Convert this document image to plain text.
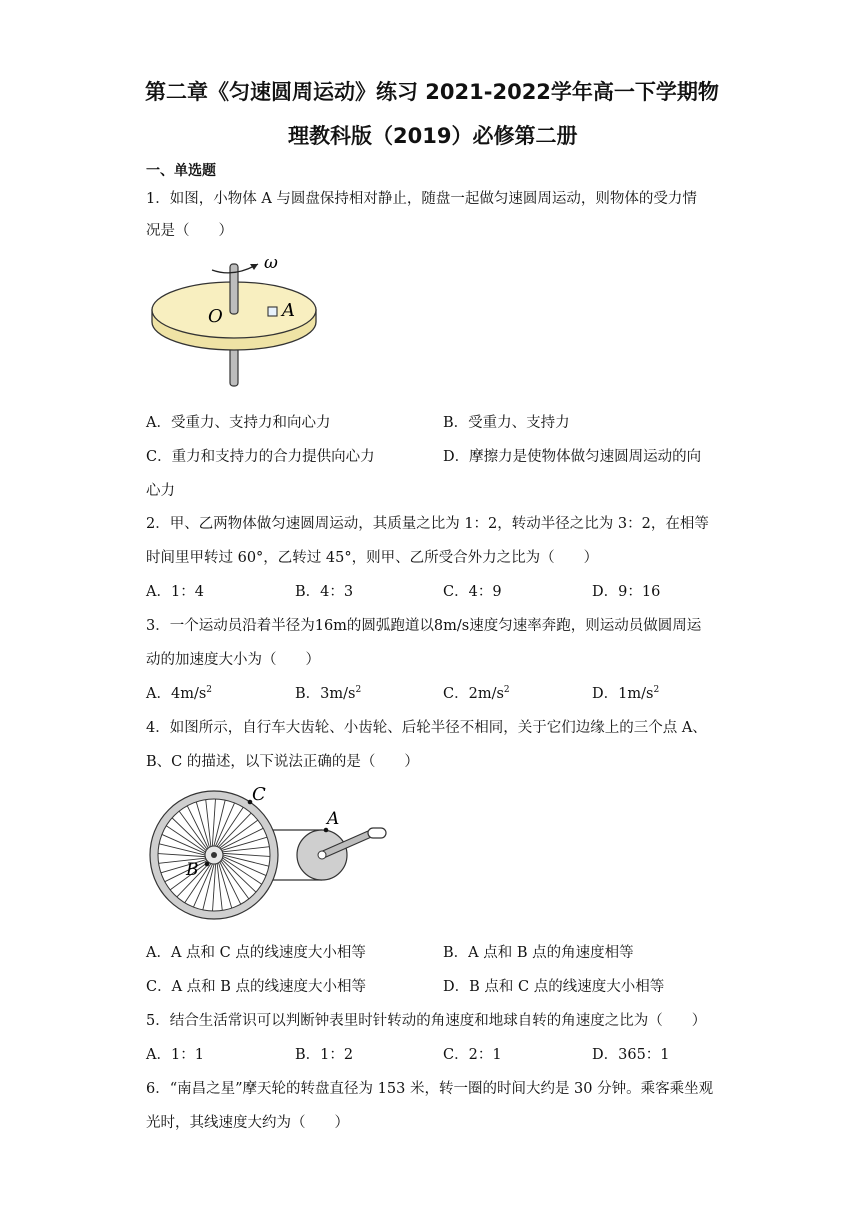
第二章《匀速圆周运动》练习 2021-2022学年高一下学期物
理教科版（2019）必修第二册
一、单选题
1．如图，小物体 A 与圆盘保持相对静止，随盘一起做匀速圆周运动，则物体的受力情
况是（　　）
ω
O	A
A．受重力、支持力和向心力	B．受重力、支持力
C．重力和支持力的合力提供向心力	D．摩擦力是使物体做匀速圆周运动的向
心力
2．甲、乙两物体做匀速圆周运动，其质量之比为 1：2，转动半径之比为 3：2，在相等
时间里甲转过 60°，乙转过 45°，则甲、乙所受合外力之比为（　　）
A．1：4	B．4：3	C．4：9	D．9：16
3．一个运动员沿着半径为16m的圆弧跑道以8m/s速度匀速率奔跑，则运动员做圆周运
动的加速度大小为（　　）
A．$4m/s^2$	B．$3m/s^2$	C．$2m/s^2$	D．$1m/s^2$
4．如图所示，自行车大齿轮、小齿轮、后轮半径不相同，关于它们边缘上的三个点 A、
B、C 的描述，以下说法正确的是（　　）
A
B
C
A．A 点和 C 点的线速度大小相等	B．A 点和 B 点的角速度相等
C．A 点和 B 点的线速度大小相等	D．B 点和 C 点的线速度大小相等
5．结合生活常识可以判断钟表里时针转动的角速度和地球自转的角速度之比为（　　）
A．1：1	B．1：2	C．2：1	D．365：1
6．“南昌之星”摩天轮的转盘直径为 153 米，转一圈的时间大约是 30 分钟。乘客乘坐观
光时，其线速度大约为（　　）
